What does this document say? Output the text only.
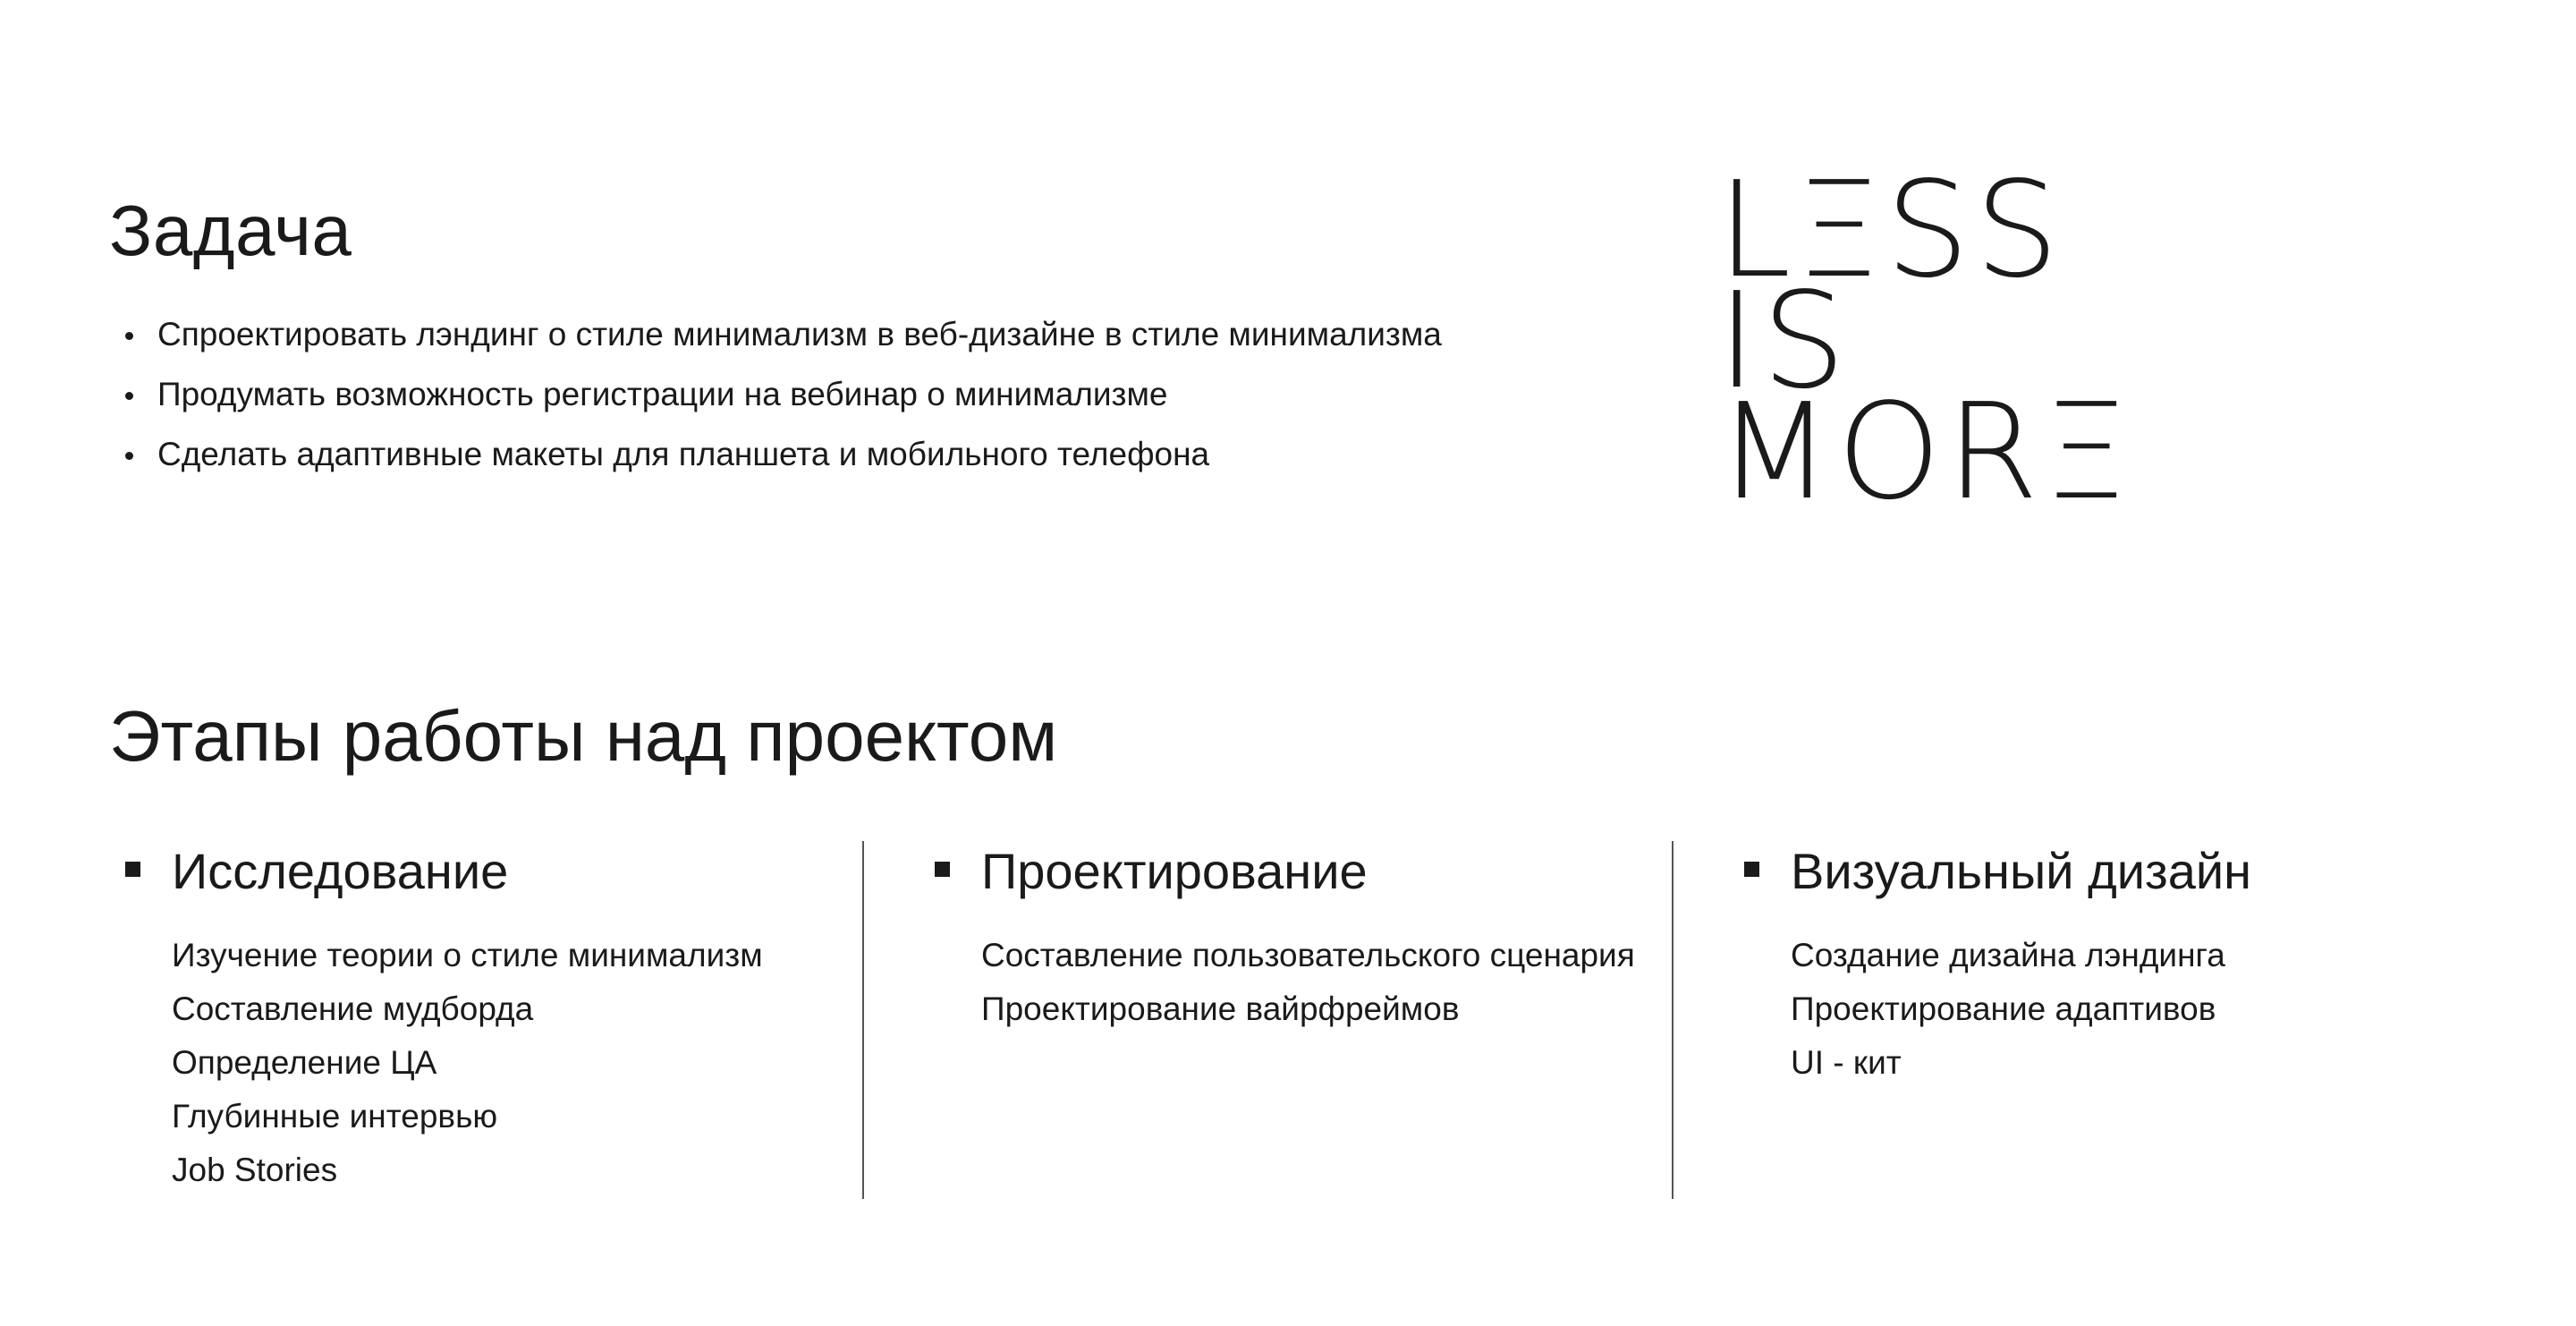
Задача
Спроектировать лэндинг о стиле минимализм в веб-дизайне в стиле минимализма
Продумать возможность регистрации на вебинар о минимализме
Сделать адаптивные макеты для планшета и мобильного телефона
LΞSS
IS
MORΞ
Этапы работы над проектом
Исследование
Изучение теории о стиле минимализм
Составление мудборда
Определение ЦА
Глубинные интервью
Job Stories
Проектирование
Составление пользовательского сценария
Проектирование вайрфреймов
Визуальный дизайн
Создание дизайна лэндинга
Проектирование адаптивов
UI - кит
